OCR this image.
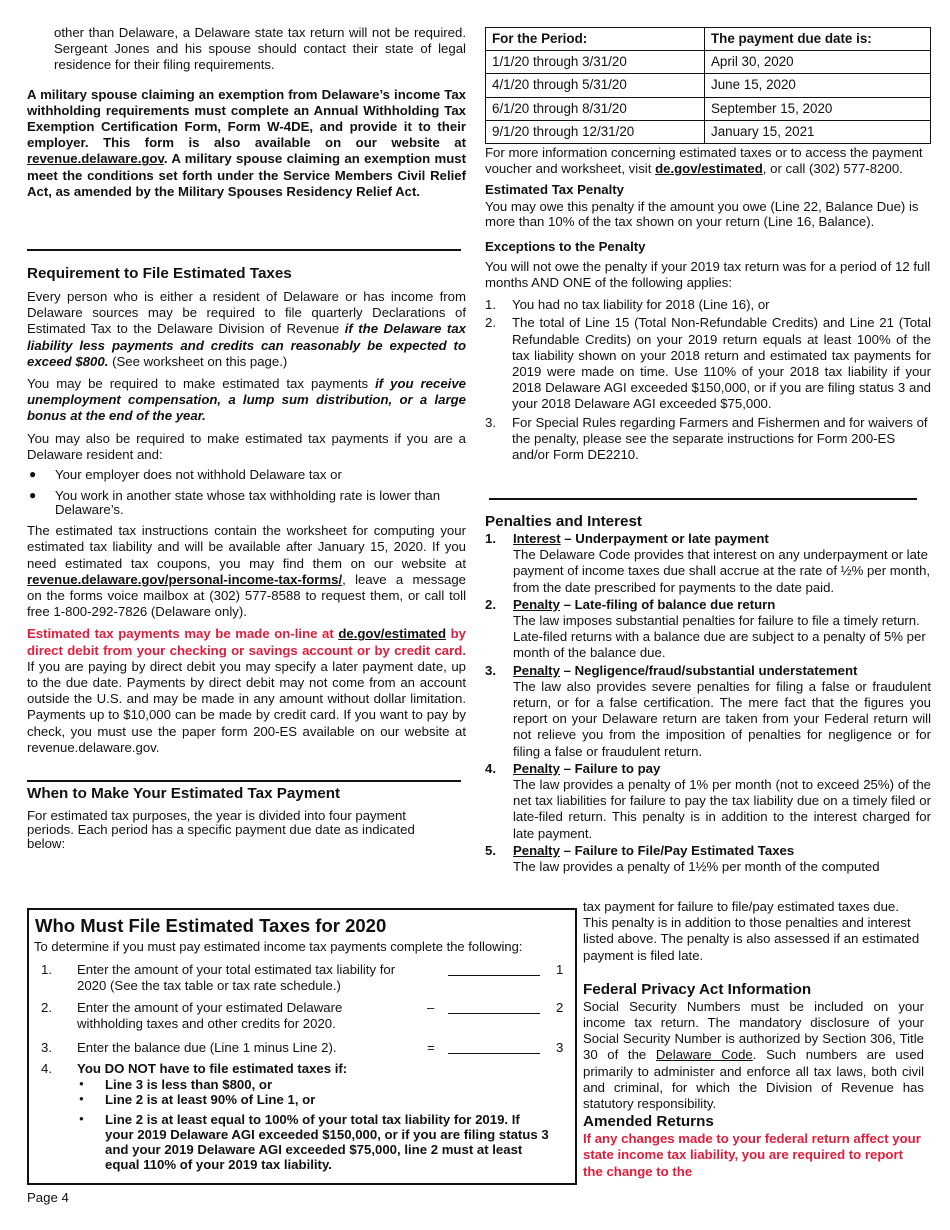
other than Delaware, a Delaware state tax return will not be required. Sergeant Jones and his spouse should contact their state of legal residence for their filing requirements.

A military spouse claiming an exemption from Delaware’s income Tax withholding requirements must complete an Annual Withholding Tax Exemption Certification Form, Form W-4DE, and provide it to their employer. This form is also available on our website at revenue.delaware.gov. A military spouse claiming an exemption must meet the conditions set forth under the Service Members Civil Relief Act, as amended by the Military Spouses Residency Relief Act.

Requirement to File Estimated Taxes

Every person who is either a resident of Delaware or has income from Delaware sources may be required to file quarterly Declarations of Estimated Tax to the Delaware Division of Revenue if the Delaware tax liability less payments and credits can reasonably be expected to exceed $800. (See worksheet on this page.)

You may be required to make estimated tax payments if you receive unemployment compensation, a lump sum distribution, or a large bonus at the end of the year.

You may also be required to make estimated tax payments if you are a Delaware resident and:

● Your employer does not withhold Delaware tax or
● You work in another state whose tax withholding rate is lower than Delaware’s.

The estimated tax instructions contain the worksheet for computing your estimated tax liability and will be available after January 15, 2020. If you need estimated tax coupons, you may find them on our website at revenue.delaware.gov/personal-income-tax-forms/, leave a message on the forms voice mailbox at (302) 577-8588 to request them, or call toll free 1-800-292-7826 (Delaware only).

Estimated tax payments may be made on-line at de.gov/estimated by direct debit from your checking or savings account or by credit card. If you are paying by direct debit you may specify a later payment date, up to the due date. Payments by direct debit may not come from an account outside the U.S. and may be made in any amount without dollar limitation. Payments up to $10,000 can be made by credit card. If you want to pay by check, you must use the paper form 200-ES available on our website at revenue.delaware.gov.

When to Make Your Estimated Tax Payment

For estimated tax purposes, the year is divided into four payment periods. Each period has a specific payment due date as indicated below:

Who Must File Estimated Taxes for 2020
To determine if you must pay estimated income tax payments complete the following:
1. Enter the amount of your total estimated tax liability for 2020 (See the tax table or tax rate schedule.)
1
2. Enter the amount of your estimated Delaware withholding taxes and other credits for 2020.
–	2
3. Enter the balance due (Line 1 minus Line 2).	=	3
4. You DO NOT have to file estimated taxes if:
● Line 3 is less than $800, or
● Line 2 is at least 90% of Line 1, or
● Line 2 is at least equal to 100% of your total tax liability for 2019. If your 2019 Delaware AGI exceeded $150,000, or if you are filing status 3 and your 2019 Delaware AGI exceeded $75,000, line 2 must at least equal 110% of your 2019 tax liability.
Page 4
For the Period:	The payment due date is:
1/1/20 through 3/31/20	April 30, 2020
4/1/20 through 5/31/20	June 15, 2020
6/1/20 through 8/31/20	September 15, 2020
9/1/20 through 12/31/20	January 15, 2021

For more information concerning estimated taxes or to access the payment voucher and worksheet, visit de.gov/estimated, or call (302) 577-8200.

Estimated Tax Penalty

You may owe this penalty if the amount you owe (Line 22, Balance Due) is more than 10% of the tax shown on your return (Line 16, Balance).

Exceptions to the Penalty

You will not owe the penalty if your 2019 tax return was for a period of 12 full months AND ONE of the following applies:

1. You had no tax liability for 2018 (Line 16), or
2. The total of Line 15 (Total Non-Refundable Credits) and Line 21 (Total Refundable Credits) on your 2019 return equals at least 100% of the tax liability shown on your 2018 return and estimated tax payments for 2019 were made on time. Use 110% of your 2018 tax liability if your 2018 Delaware AGI exceeded $150,000, or if you are filing status 3 and your 2018 Delaware AGI exceeded $75,000.
3. For Special Rules regarding Farmers and Fishermen and for waivers of the penalty, please see the separate instructions for Form 200-ES and/or Form DE2210.
Penalties and Interest
1. Interest – Underpayment or late payment
The Delaware Code provides that interest on any underpayment or late payment of income taxes due shall accrue at the rate of ½% per month, from the date prescribed for payments to the date paid.
2. Penalty – Late-filing of balance due return
The law imposes substantial penalties for failure to file a timely return. Late-filed returns with a balance due are subject to a penalty of 5% per month of the balance due.
3. Penalty – Negligence/fraud/substantial understatement
The law also provides severe penalties for filing a false or fraudulent return, or for a false certification. The mere fact that the figures you report on your Delaware return are taken from your Federal return will not relieve you from the imposition of penalties for negligence or for filing a false or fraudulent return.
4. Penalty – Failure to pay
The law provides a penalty of 1% per month (not to exceed 25%) of the net tax liabilities for failure to pay the tax liability due on a timely filed or late-filed return. This penalty is in addition to the interest charged for late payment.
5. Penalty – Failure to File/Pay Estimated Taxes
The law provides a penalty of 1½% per month of the computed

tax payment for failure to file/pay estimated taxes due. This penalty is in addition to those penalties and interest listed above. The penalty is also assessed if an estimated payment is filed late.

Federal Privacy Act Information

Social Security Numbers must be included on your income tax return. The mandatory disclosure of your Social Security Number is authorized by Section 306, Title 30 of the Delaware Code. Such numbers are used primarily to administer and enforce all tax laws, both civil and criminal, for which the Division of Revenue has statutory responsibility.

Amended Returns

If any changes made to your federal return affect your state income tax liability, you are required to report the change to the
